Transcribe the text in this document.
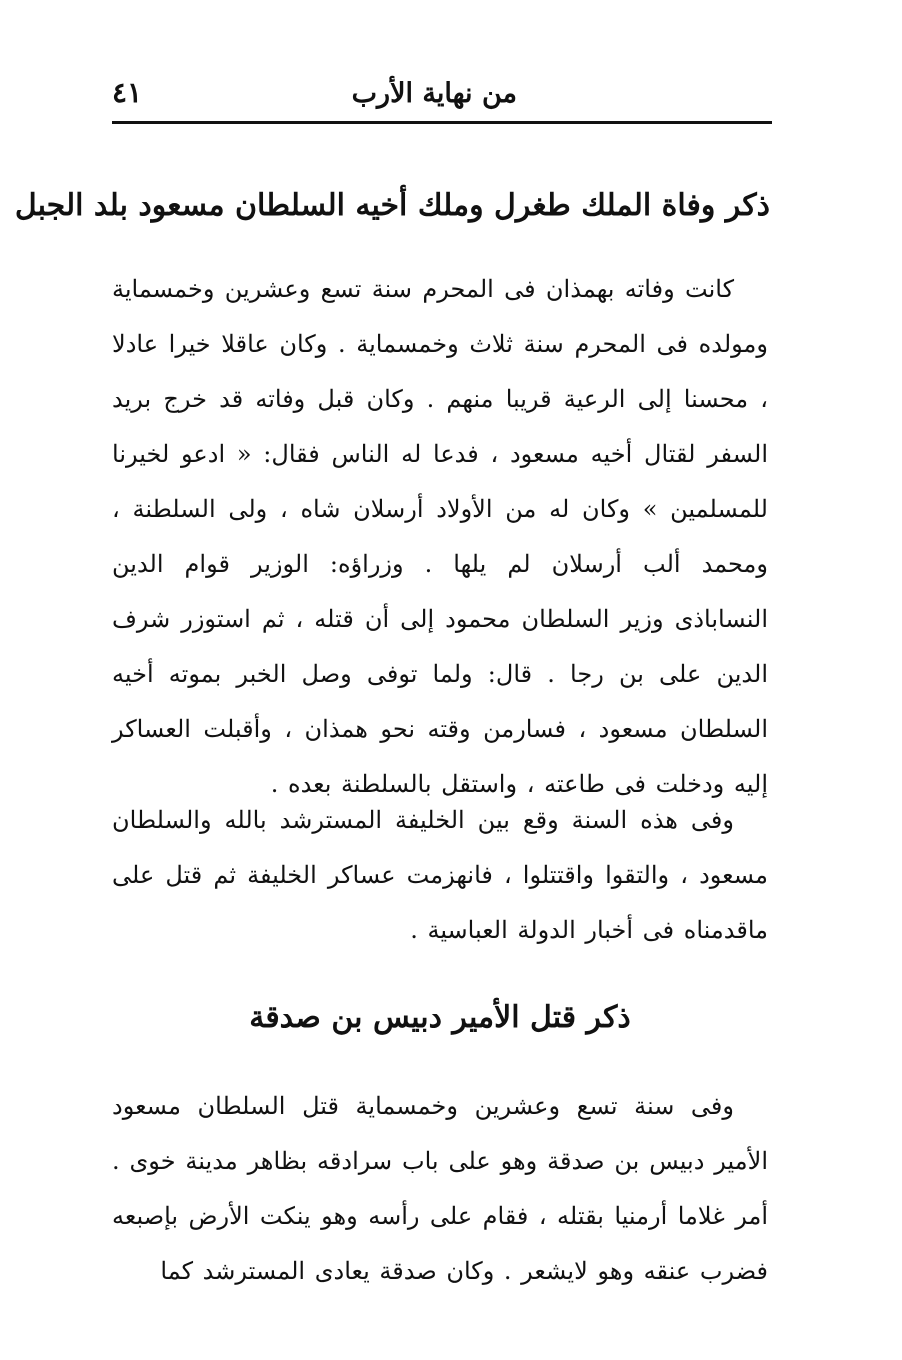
من نهاية الأرب
٤١
ذكر وفاة الملك طغرل وملك أخيه السلطان مسعود بلد الجبل

كانت وفاته بهمذان فى المحرم سنة تسع وعشرين وخمسماية ومولده فى المحرم سنة ثلاث وخمسماية . وكان عاقلا خيرا عادلا ، محسنا إلى الرعية قريبا منهم . وكان قبل وفاته قد خرج بريد السفر لقتال أخيه مسعود ، فدعا له الناس فقال: « ادعو لخيرنا للمسلمين » وكان له من الأولاد أرسلان شاه ، ولى السلطنة ، ومحمد ألب أرسلان لم يلها . وزراؤه: الوزير قوام الدين النساباذى وزير السلطان محمود إلى أن قتله ، ثم استوزر شرف الدين على بن رجا . قال: ولما توفى وصل الخبر بموته أخيه السلطان مسعود ، فسارمن وقته نحو همذان ، وأقبلت العساكر إليه ودخلت فى طاعته ، واستقل بالسلطنة بعده .

وفى هذه السنة وقع بين الخليفة المسترشد بالله والسلطان مسعود ، والتقوا واقتتلوا ، فانهزمت عساكر الخليفة ثم قتل على ماقدمناه فى أخبار الدولة العباسية .

ذكر قتل الأمير دبيس بن صدقة

وفى سنة تسع وعشرين وخمسماية قتل السلطان مسعود الأمير دبيس بن صدقة وهو على باب سرادقه بظاهر مدينة خوى . أمر غلاما أرمنيا بقتله ، فقام على رأسه وهو ينكت الأرض بإصبعه فضرب عنقه وهو لايشعر . وكان صدقة يعادى المسترشد كما
